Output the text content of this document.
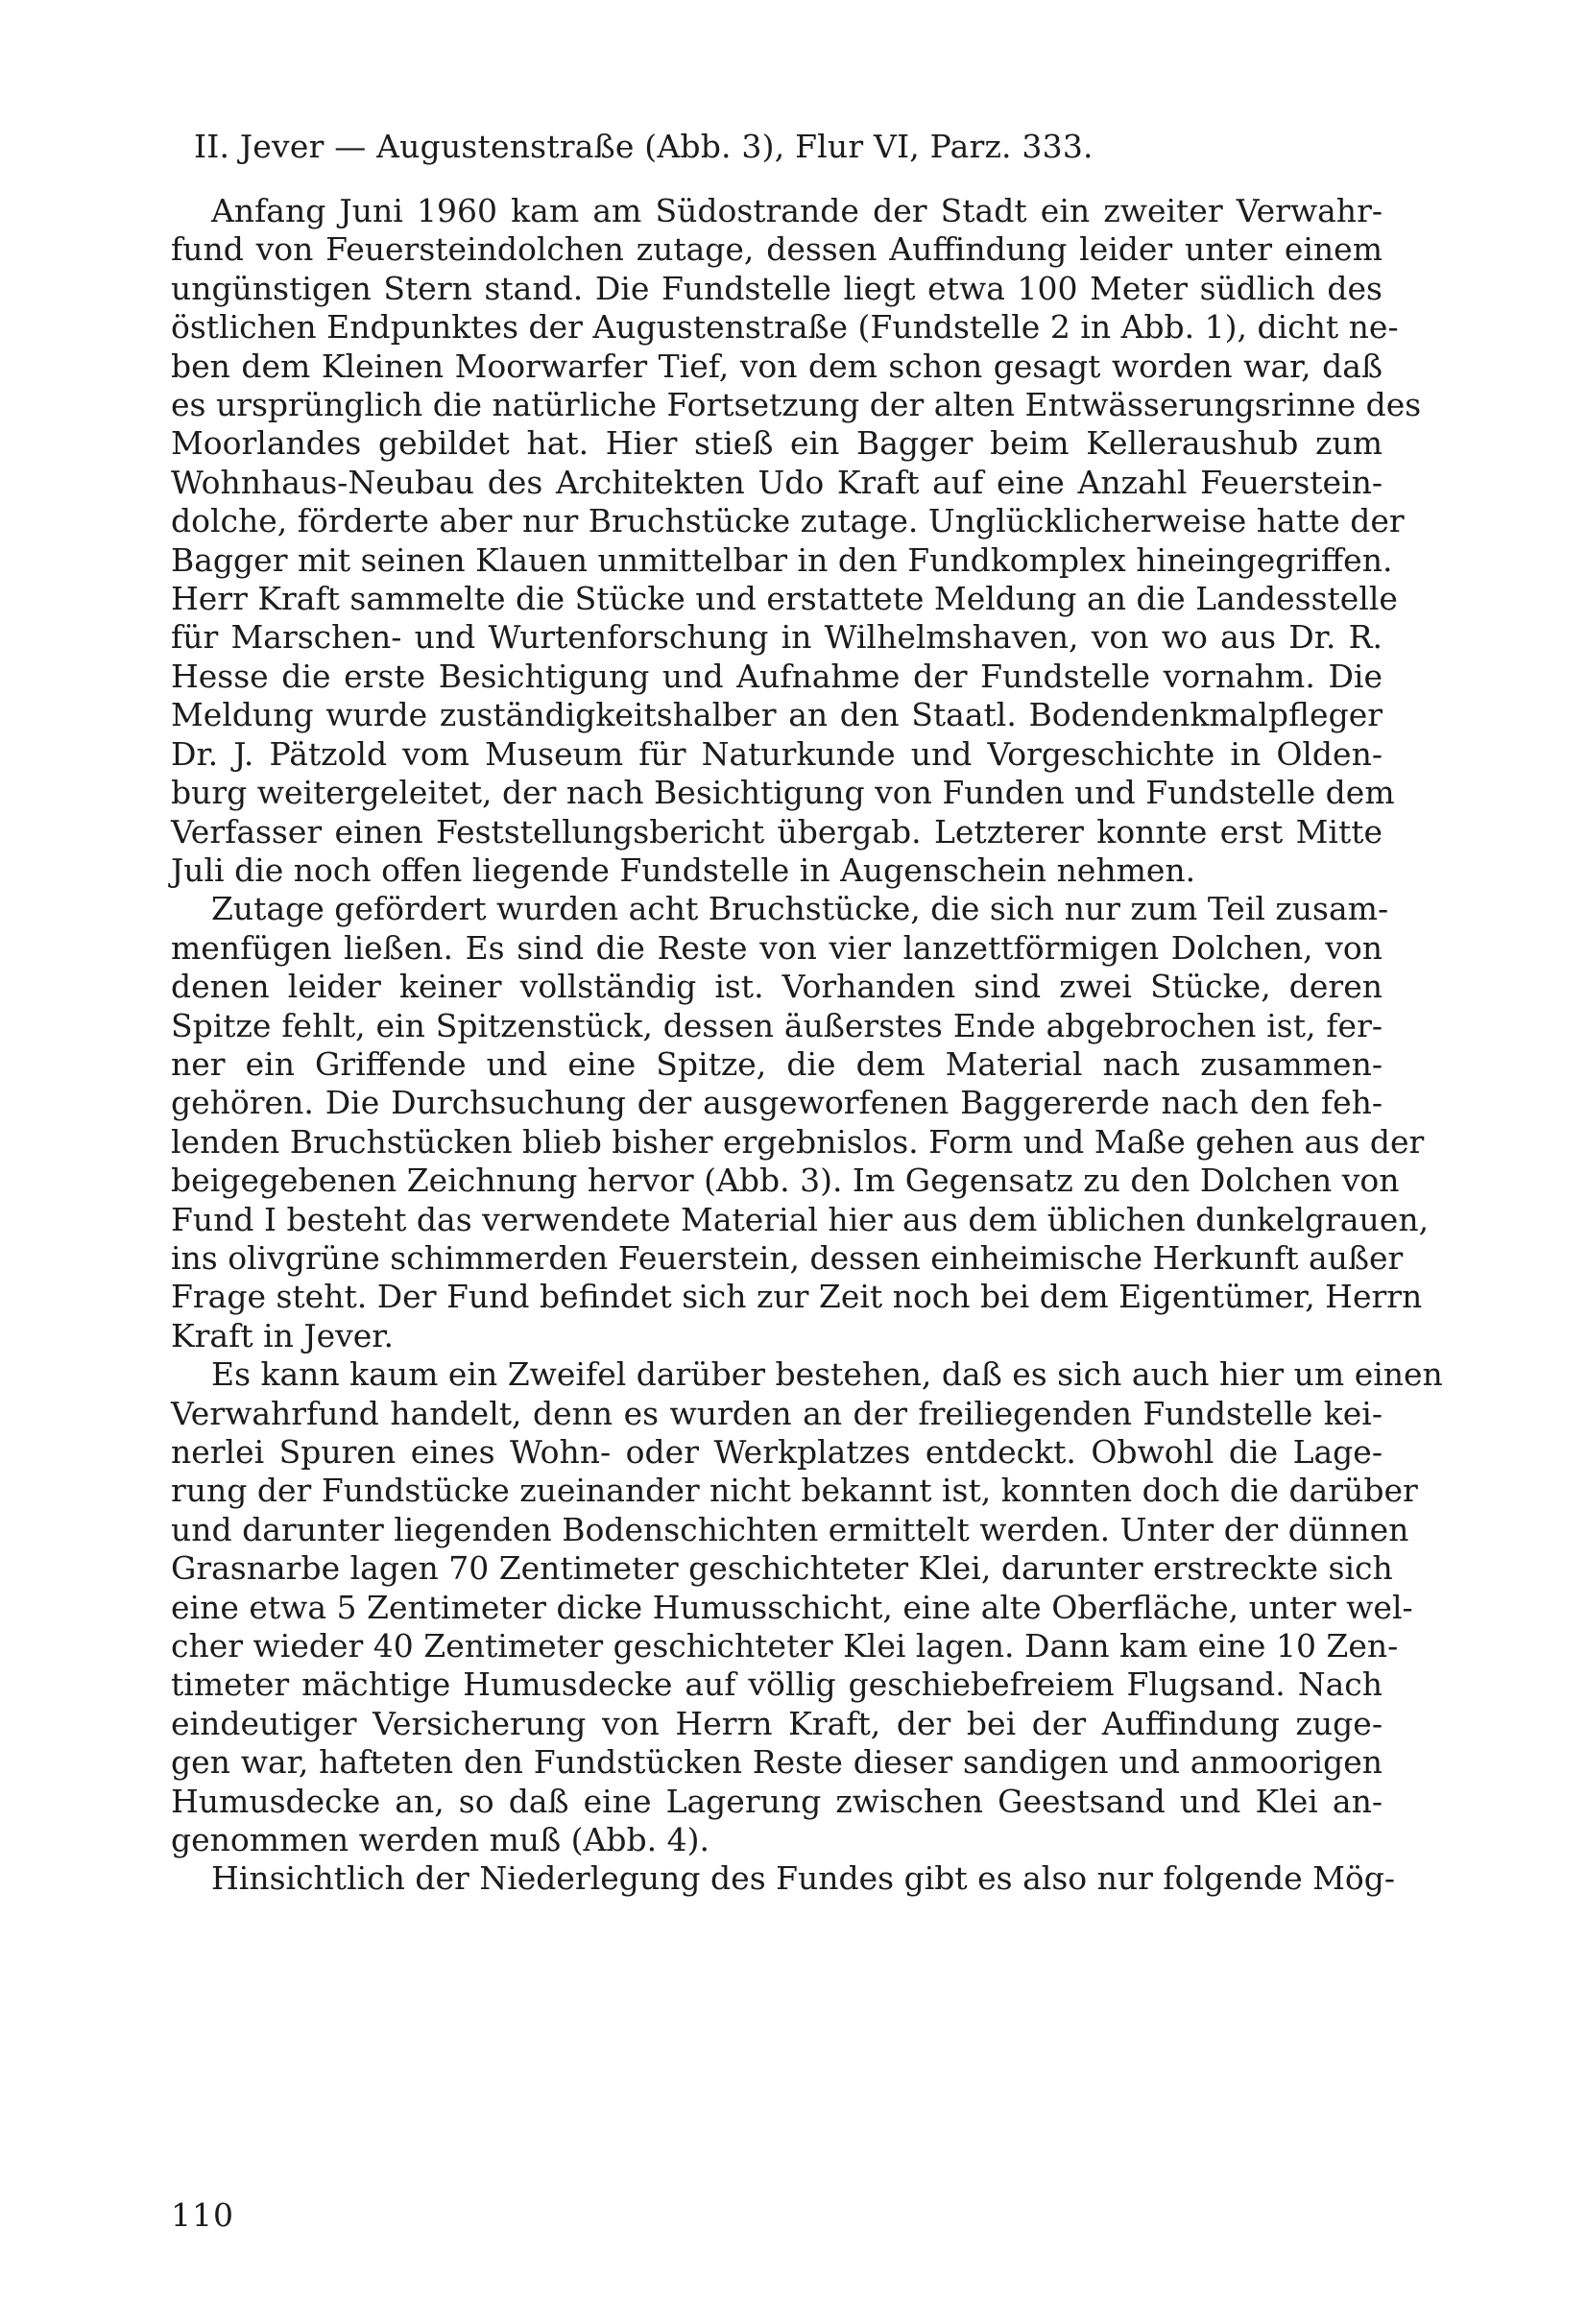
II. Jever — Augustenstraße (Abb. 3), Flur VI, Parz. 333.
Anfang Juni 1960 kam am Südostrande der Stadt ein zweiter Verwahr-
fund von Feuersteindolchen zutage, dessen Auffindung leider unter einem
ungünstigen Stern stand. Die Fundstelle liegt etwa 100 Meter südlich des
östlichen Endpunktes der Augustenstraße (Fundstelle 2 in Abb. 1), dicht ne-
ben dem Kleinen Moorwarfer Tief, von dem schon gesagt worden war, daß
es ursprünglich die natürliche Fortsetzung der alten Entwässerungsrinne des
Moorlandes gebildet hat. Hier stieß ein Bagger beim Kelleraushub zum
Wohnhaus-Neubau des Architekten Udo Kraft auf eine Anzahl Feuerstein-
dolche, förderte aber nur Bruchstücke zutage. Unglücklicherweise hatte der
Bagger mit seinen Klauen unmittelbar in den Fundkomplex hineingegriffen.
Herr Kraft sammelte die Stücke und erstattete Meldung an die Landesstelle
für Marschen- und Wurtenforschung in Wilhelmshaven, von wo aus Dr. R.
Hesse die erste Besichtigung und Aufnahme der Fundstelle vornahm. Die
Meldung wurde zuständigkeitshalber an den Staatl. Bodendenkmalpfleger
Dr. J. Pätzold vom Museum für Naturkunde und Vorgeschichte in Olden-
burg weitergeleitet, der nach Besichtigung von Funden und Fundstelle dem
Verfasser einen Feststellungsbericht übergab. Letzterer konnte erst Mitte
Juli die noch offen liegende Fundstelle in Augenschein nehmen.
Zutage gefördert wurden acht Bruchstücke, die sich nur zum Teil zusam-
menfügen ließen. Es sind die Reste von vier lanzettförmigen Dolchen, von
denen leider keiner vollständig ist. Vorhanden sind zwei Stücke, deren
Spitze fehlt, ein Spitzenstück, dessen äußerstes Ende abgebrochen ist, fer-
ner ein Griffende und eine Spitze, die dem Material nach zusammen-
gehören. Die Durchsuchung der ausgeworfenen Baggererde nach den feh-
lenden Bruchstücken blieb bisher ergebnislos. Form und Maße gehen aus der
beigegebenen Zeichnung hervor (Abb. 3). Im Gegensatz zu den Dolchen von
Fund I besteht das verwendete Material hier aus dem üblichen dunkelgrauen,
ins olivgrüne schimmerden Feuerstein, dessen einheimische Herkunft außer
Frage steht. Der Fund befindet sich zur Zeit noch bei dem Eigentümer, Herrn
Kraft in Jever.
Es kann kaum ein Zweifel darüber bestehen, daß es sich auch hier um einen
Verwahrfund handelt, denn es wurden an der freiliegenden Fundstelle kei-
nerlei Spuren eines Wohn- oder Werkplatzes entdeckt. Obwohl die Lage-
rung der Fundstücke zueinander nicht bekannt ist, konnten doch die darüber
und darunter liegenden Bodenschichten ermittelt werden. Unter der dünnen
Grasnarbe lagen 70 Zentimeter geschichteter Klei, darunter erstreckte sich
eine etwa 5 Zentimeter dicke Humusschicht, eine alte Oberfläche, unter wel-
cher wieder 40 Zentimeter geschichteter Klei lagen. Dann kam eine 10 Zen-
timeter mächtige Humusdecke auf völlig geschiebefreiem Flugsand. Nach
eindeutiger Versicherung von Herrn Kraft, der bei der Auffindung zuge-
gen war, hafteten den Fundstücken Reste dieser sandigen und anmoorigen
Humusdecke an, so daß eine Lagerung zwischen Geestsand und Klei an-
genommen werden muß (Abb. 4).
Hinsichtlich der Niederlegung des Fundes gibt es also nur folgende Mög-
110
